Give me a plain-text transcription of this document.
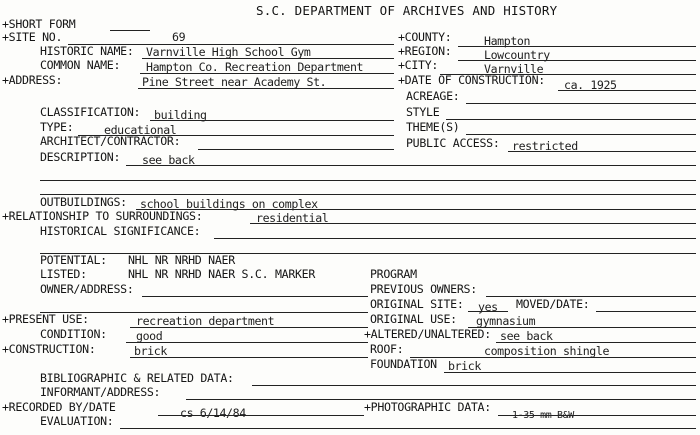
S.C. DEPARTMENT OF ARCHIVES AND HISTORY
+SHORT FORM
+SITE NO.	69	+COUNTY:	Hampton
HISTORIC NAME: Varnville High School Gym	+REGION:	Lowcountry
COMMON NAME: Hampton Co. Recreation Department	+CITY:	Varnville
+ADDRESS:	Pine Street near Academy St.	+DATE OF CONSTRUCTION: ca. 1925
ACREAGE:
CLASSIFICATION: building	STYLE
TYPE:	educational	THEME(S)
ARCHITECT/CONTRACTOR:	PUBLIC ACCESS: restricted
DESCRIPTION: see back
OUTBUILDINGS: school buildings on complex
+RELATIONSHIP TO SURROUNDINGS:	residential
HISTORICAL SIGNIFICANCE:
POTENTIAL: NHL NR NRHD NAER
LISTED:	NHL NR NRHD NAER S.C. MARKER	PROGRAM
OWNER/ADDRESS:	PREVIOUS OWNERS:
ORIGINAL SITE: yes MOVED/DATE:
+PRESENT USE:	recreation department	ORIGINAL USE: gymnasium
CONDITION:	good	+ALTERED/UNALTERED: see back
+CONSTRUCTION:	brick	ROOF:	composition shingle
FOUNDATION brick
BIBLIOGRAPHIC & RELATED DATA:
INFORMANT/ADDRESS:
+RECORDED BY/DATE	cs 6/14/84	+PHOTOGRAPHIC DATA:
1-35 mm B&W
EVALUATION:
